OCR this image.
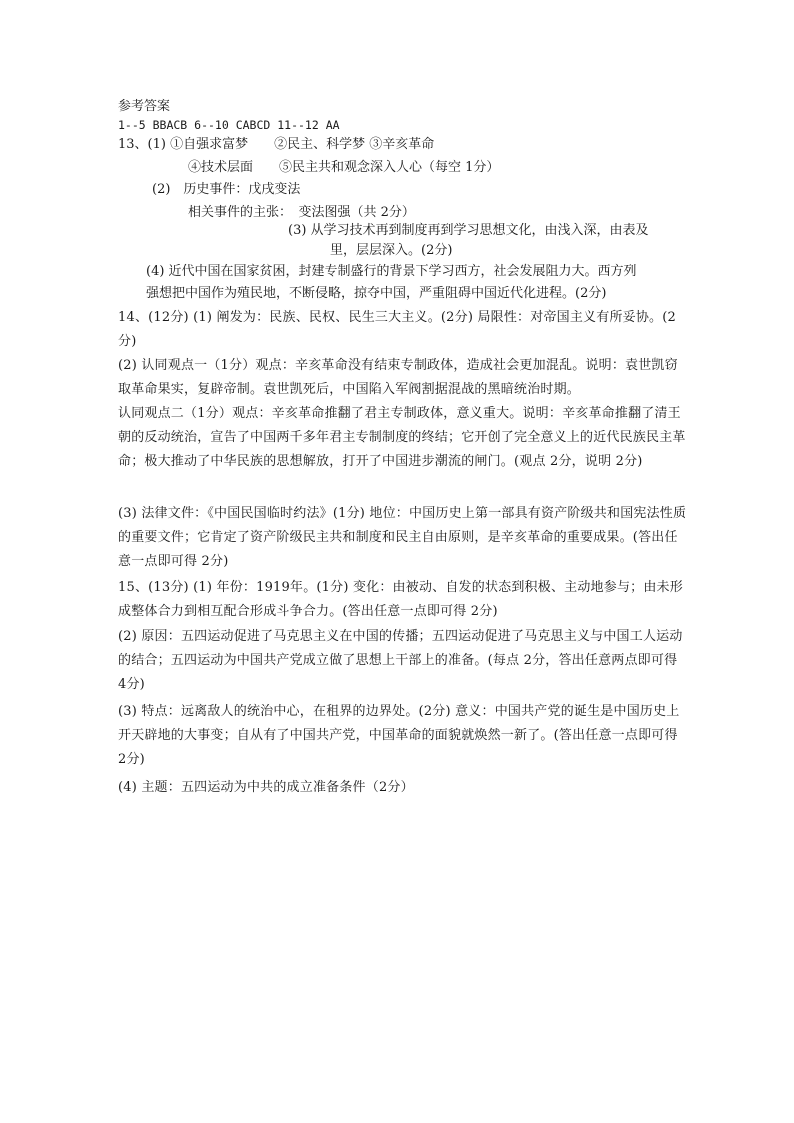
参考答案
1--5 BBACB 6--10 CABCD 11--12 AA
13、(1) ①自强求富梦　　②民主、科学梦 ③辛亥革命
④技术层面　　⑤民主共和观念深入人心（每空 1分）
(2)　历史事件：戊戌变法
相关事件的主张：　变法图强（共 2分）
(3) 从学习技术再到制度再到学习思想文化，由浅入深，由表及
里，层层深入。(2分)
(4) 近代中国在国家贫困，封建专制盛行的背景下学习西方，社会发展阻力大。西方列
强想把中国作为殖民地，不断侵略，掠夺中国，严重阻碍中国近代化进程。(2分)
14、(12分) (1) 阐发为：民族、民权、民生三大主义。(2分) 局限性：对帝国主义有所妥协。(2分)
(2) 认同观点一（1分）观点：辛亥革命没有结束专制政体，造成社会更加混乱。说明：袁世凯窃取革命果实，复辟帝制。袁世凯死后，中国陷入军阀割据混战的黑暗统治时期。
认同观点二（1分）观点：辛亥革命推翻了君主专制政体，意义重大。说明：辛亥革命推翻了清王朝的反动统治，宣告了中国两千多年君主专制制度的终结；它开创了完全意义上的近代民族民主革命；极大推动了中华民族的思想解放，打开了中国进步潮流的闸门。(观点 2分，说明 2分)
(3) 法律文件：《中国民国临时约法》(1分) 地位：中国历史上第一部具有资产阶级共和国宪法性质的重要文件；它肯定了资产阶级民主共和制度和民主自由原则，是辛亥革命的重要成果。(答出任意一点即可得 2分)
15、(13分) (1) 年份：1919年。(1分) 变化：由被动、自发的状态到积极、主动地参与；由未形成整体合力到相互配合形成斗争合力。(答出任意一点即可得 2分)
(2) 原因：五四运动促进了马克思主义在中国的传播；五四运动促进了马克思主义与中国工人运动的结合；五四运动为中国共产党成立做了思想上干部上的准备。(每点 2分，答出任意两点即可得 4分)
(3) 特点：远离敌人的统治中心，在租界的边界处。(2分) 意义：中国共产党的诞生是中国历史上开天辟地的大事变；自从有了中国共产党，中国革命的面貌就焕然一新了。(答出任意一点即可得 2分)
(4) 主题：五四运动为中共的成立准备条件（2分）
